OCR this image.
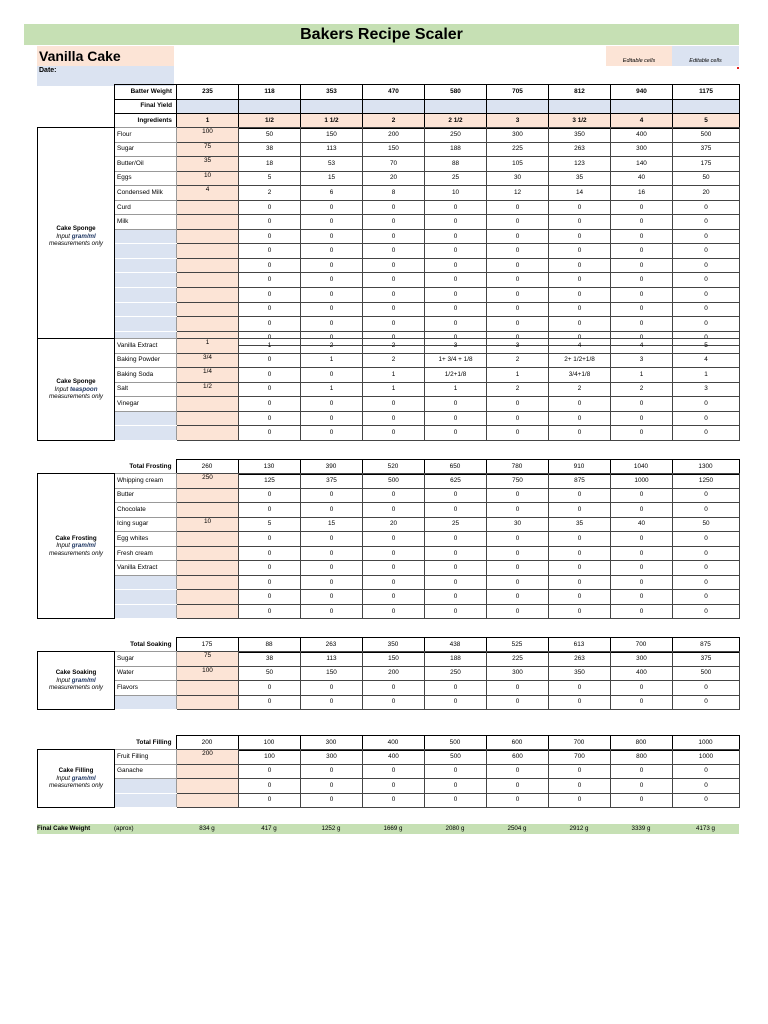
Bakers Recipe Scaler
Vanilla Cake
Date:
Editable cells	Editable cells
Batter Weight	235	118	353	470	580	705	812	940	1175
Final Yield									
Ingredients	1	1/2	1 1/2	2	2 1/2	3	3 1/2	4	5
Cake Sponge
Input gram/ml
measurements only	Flour	100	50	150	200	250	300	350	400	500
	Sugar	75	38	113	150	188	225	263	300	375
	Butter/Oil	35	18	53	70	88	105	123	140	175
	Eggs	10	5	15	20	25	30	35	40	50
	Condensed Milk	4	2	6	8	10	12	14	16	20
	Curd		0	0	0	0	0	0	0	0
	Milk		0	0	0	0	0	0	0	0
			0	0	0	0	0	0	0	0
			0	0	0	0	0	0	0	0
			0	0	0	0	0	0	0	0
			0	0	0	0	0	0	0	0
			0	0	0	0	0	0	0	0
			0	0	0	0	0	0	0	0
			0	0	0	0	0	0	0	0
			0	0	0	0	0	0	0	0
Cake Sponge
Input teaspoon
measurements only	Vanilla Extract	1	1	2	2	3	3	4	4	5
	Baking Powder	3/4	0	1	2	1+ 3/4 + 1/8	2	2+ 1/2+1/8	3	4
	Baking Soda	1/4	0	0	1	1/2+1/8	1	3/4+1/8	1	1
	Salt	1/2	0	1	1	1	2	2	2	3
	Vinegar		0	0	0	0	0	0	0	0
			0	0	0	0	0	0	0	0
			0	0	0	0	0	0	0	0
Total Frosting	260	130	390	520	650	780	910	1040	1300
Cake Frosting
Input gram/ml
measurements only	Whipping cream	250	125	375	500	625	750	875	1000	1250
	Butter		0	0	0	0	0	0	0	0
	Chocolate		0	0	0	0	0	0	0	0
	Icing sugar	10	5	15	20	25	30	35	40	50
	Egg whites		0	0	0	0	0	0	0	0
	Fresh cream		0	0	0	0	0	0	0	0
	Vanilla Extract		0	0	0	0	0	0	0	0
			0	0	0	0	0	0	0	0
			0	0	0	0	0	0	0	0
			0	0	0	0	0	0	0	0
Total Soaking	175	88	263	350	438	525	613	700	875
Cake Soaking
Input gram/ml
measurements only	Sugar	75	38	113	150	188	225	263	300	375
	Water	100	50	150	200	250	300	350	400	500
	Flavors		0	0	0	0	0	0	0	0
			0	0	0	0	0	0	0	0
Total Filling	200	100	300	400	500	600	700	800	1000
Cake Filling
Input gram/ml
measurements only	Fruit Filling	200	100	300	400	500	600	700	800	1000
	Ganache		0	0	0	0	0	0	0	0
			0	0	0	0	0	0	0	0
			0	0	0	0	0	0	0	0
Final Cake Weight	(aprox)	834 g	417 g	1252 g	1669 g	2080 g	2504 g	2912 g	3339 g	4173 g
